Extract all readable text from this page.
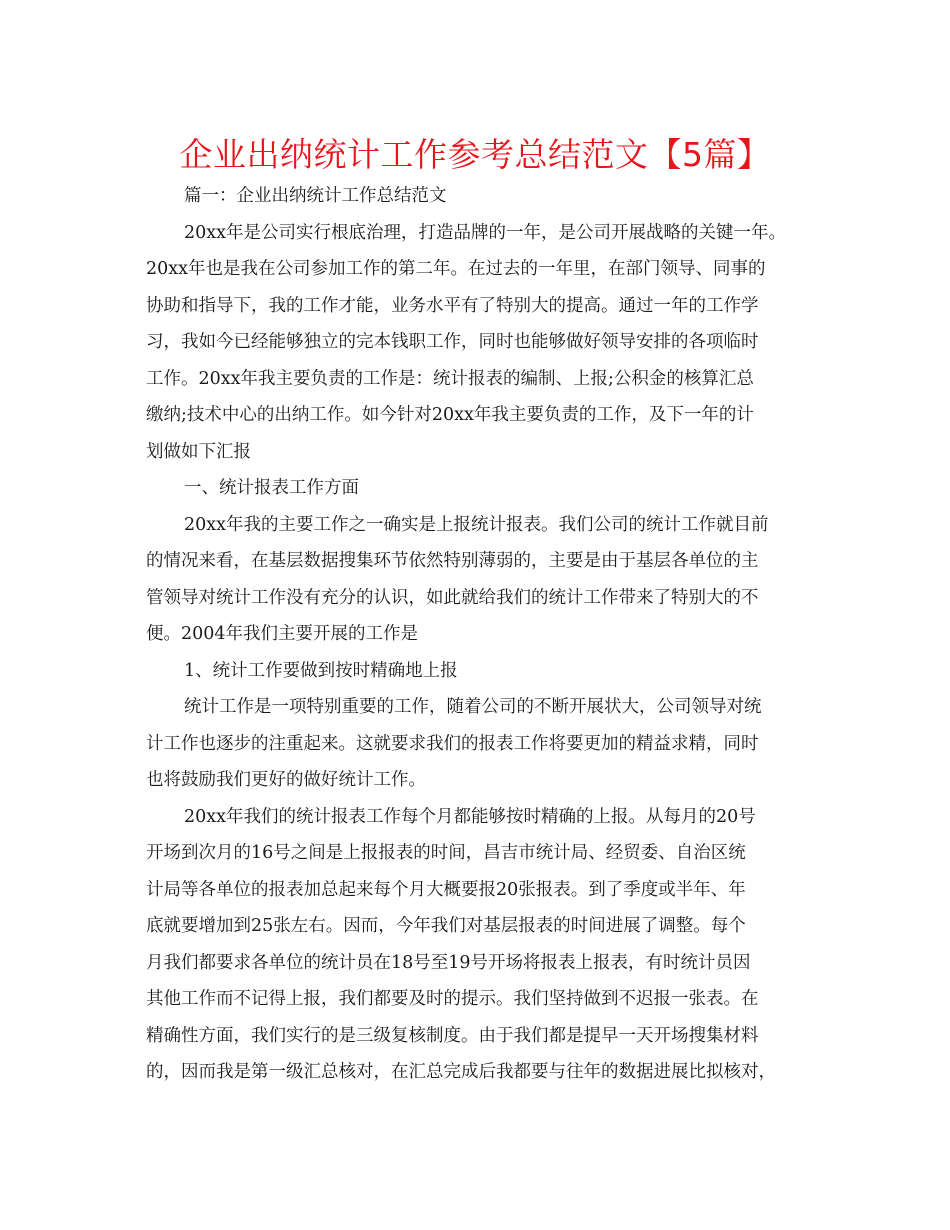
企业出纳统计工作参考总结范文【5篇】
篇一：企业出纳统计工作总结范文
20xx年是公司实行根底治理，打造品牌的一年，是公司开展战略的关键一年。
20xx年也是我在公司参加工作的第二年。在过去的一年里，在部门领导、同事的
协助和指导下，我的工作才能，业务水平有了特别大的提高。通过一年的工作学
习，我如今已经能够独立的完本钱职工作，同时也能够做好领导安排的各项临时
工作。20xx年我主要负责的工作是：统计报表的编制、上报;公积金的核算汇总
缴纳;技术中心的出纳工作。如今针对20xx年我主要负责的工作，及下一年的计
划做如下汇报
一、统计报表工作方面
20xx年我的主要工作之一确实是上报统计报表。我们公司的统计工作就目前
的情况来看，在基层数据搜集环节依然特别薄弱的，主要是由于基层各单位的主
管领导对统计工作没有充分的认识，如此就给我们的统计工作带来了特别大的不
便。2004年我们主要开展的工作是
1、统计工作要做到按时精确地上报
统计工作是一项特别重要的工作，随着公司的不断开展状大，公司领导对统
计工作也逐步的注重起来。这就要求我们的报表工作将要更加的精益求精，同时
也将鼓励我们更好的做好统计工作。
20xx年我们的统计报表工作每个月都能够按时精确的上报。从每月的20号
开场到次月的16号之间是上报报表的时间，昌吉市统计局、经贸委、自治区统
计局等各单位的报表加总起来每个月大概要报20张报表。到了季度或半年、年
底就要增加到25张左右。因而，今年我们对基层报表的时间进展了调整。每个
月我们都要求各单位的统计员在18号至19号开场将报表上报表，有时统计员因
其他工作而不记得上报，我们都要及时的提示。我们坚持做到不迟报一张表。在
精确性方面，我们实行的是三级复核制度。由于我们都是提早一天开场搜集材料
的，因而我是第一级汇总核对，在汇总完成后我都要与往年的数据进展比拟核对，
